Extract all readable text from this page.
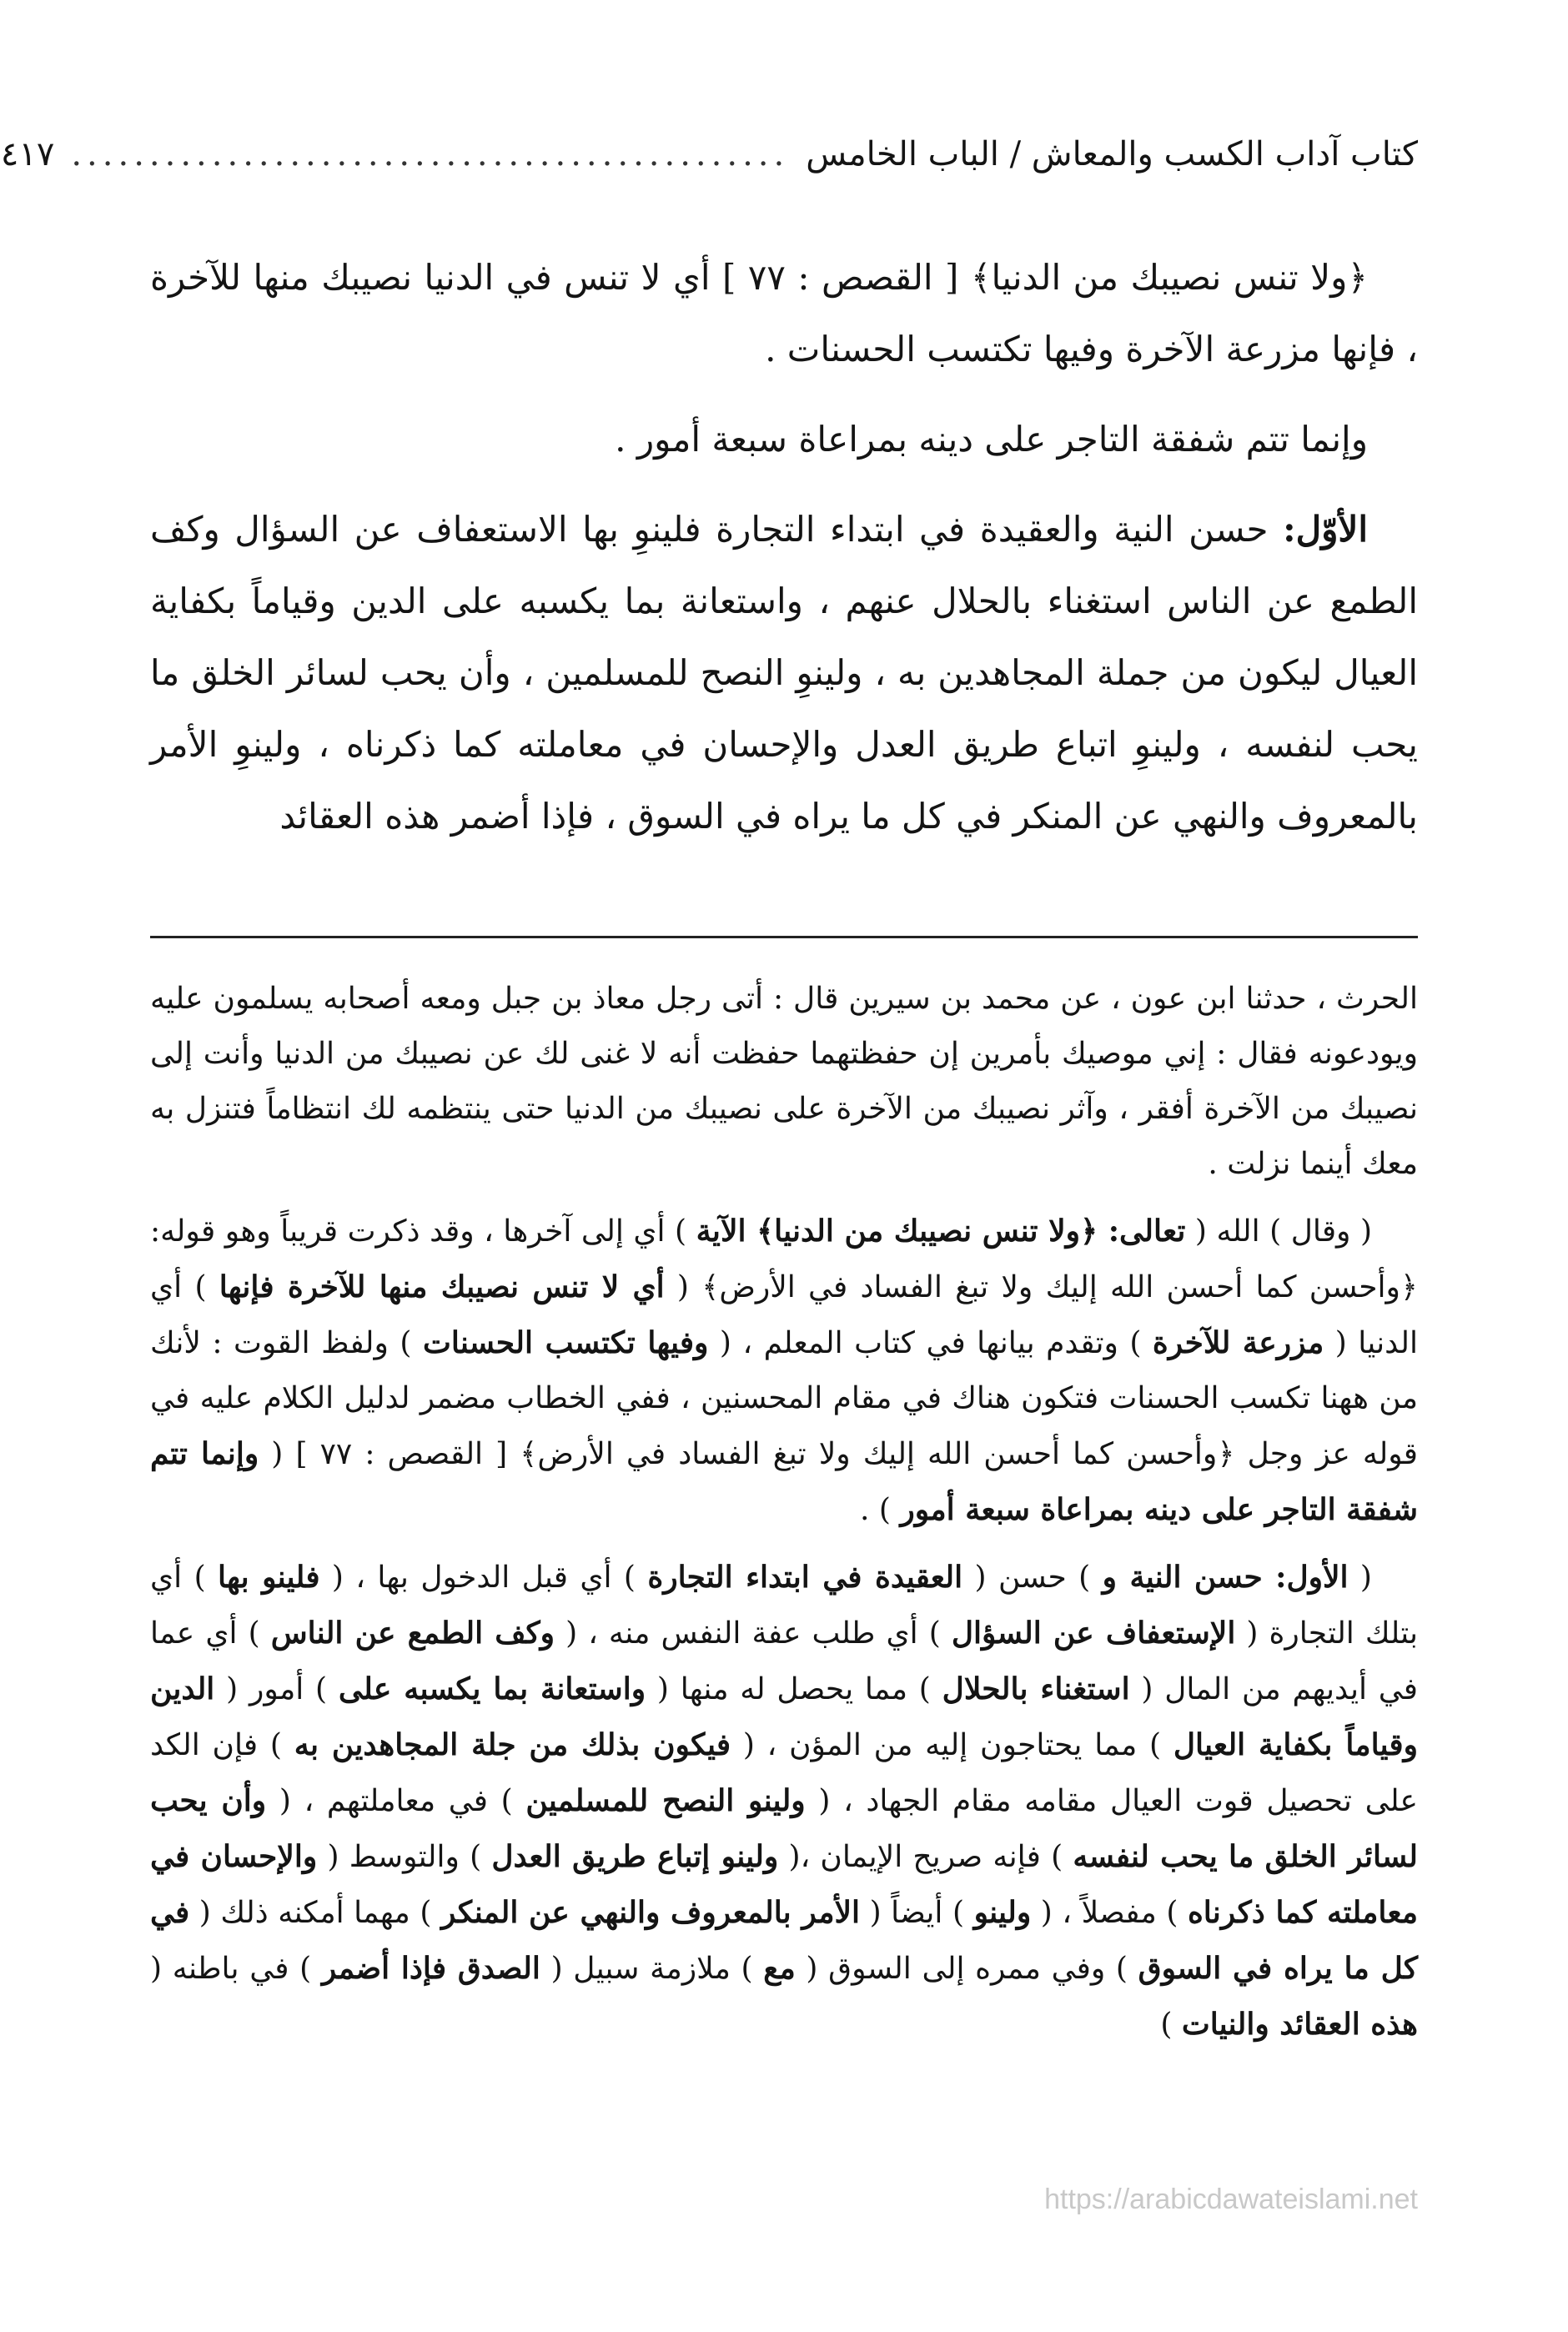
كتاب آداب الكسب والمعاش / الباب الخامس
..............................................
٤١٧

﴿ولا تنس نصيبك من الدنيا﴾ [ القصص : ٧٧ ] أي لا تنس في الدنيا نصيبك منها للآخرة ، فإنها مزرعة الآخرة وفيها تكتسب الحسنات .

وإنما تتم شفقة التاجر على دينه بمراعاة سبعة أمور .

الأوّل: حسن النية والعقيدة في ابتداء التجارة فلينوِ بها الاستعفاف عن السؤال وكف الطمع عن الناس استغناء بالحلال عنهم ، واستعانة بما يكسبه على الدين وقياماً بكفاية العيال ليكون من جملة المجاهدين به ، ولينوِ النصح للمسلمين ، وأن يحب لسائر الخلق ما يحب لنفسه ، ولينوِ اتباع طريق العدل والإحسان في معاملته كما ذكرناه ، ولينوِ الأمر بالمعروف والنهي عن المنكر في كل ما يراه في السوق ، فإذا أضمر هذه العقائد

الحرث ، حدثنا ابن عون ، عن محمد بن سيرين قال : أتى رجل معاذ بن جبل ومعه أصحابه يسلمون عليه ويودعونه فقال : إني موصيك بأمرين إن حفظتهما حفظت أنه لا غنى لك عن نصيبك من الدنيا وأنت إلى نصيبك من الآخرة أفقر ، وآثر نصيبك من الآخرة على نصيبك من الدنيا حتى ينتظمه لك انتظاماً فتنزل به معك أينما نزلت .

( وقال ) الله ( تعالى: ﴿ولا تنس نصيبك من الدنيا﴾ الآية ) أي إلى آخرها ، وقد ذكرت قريباً وهو قوله: ﴿وأحسن كما أحسن الله إليك ولا تبغ الفساد في الأرض﴾ ( أي لا تنس نصيبك منها للآخرة فإنها ) أي الدنيا ( مزرعة للآخرة ) وتقدم بيانها في كتاب المعلم ، ( وفيها تكتسب الحسنات ) ولفظ القوت : لأنك من ههنا تكسب الحسنات فتكون هناك في مقام المحسنين ، ففي الخطاب مضمر لدليل الكلام عليه في قوله عز وجل ﴿وأحسن كما أحسن الله إليك ولا تبغ الفساد في الأرض﴾ [ القصص : ٧٧ ] ( وإنما تتم شفقة التاجر على دينه بمراعاة سبعة أمور ) .

( الأول: حسن النية و ) حسن ( العقيدة في ابتداء التجارة ) أي قبل الدخول بها ، ( فلينو بها ) أي بتلك التجارة ( الإستعفاف عن السؤال ) أي طلب عفة النفس منه ، ( وكف الطمع عن الناس ) أي عما في أيديهم من المال ( استغناء بالحلال ) مما يحصل له منها ( واستعانة بما يكسبه على ) أمور ( الدين وقياماً بكفاية العيال ) مما يحتاجون إليه من المؤن ، ( فيكون بذلك من جلة المجاهدين به ) فإن الكد على تحصيل قوت العيال مقامه مقام الجهاد ، ( ولينو النصح للمسلمين ) في معاملتهم ، ( وأن يحب لسائر الخلق ما يحب لنفسه ) فإنه صريح الإيمان ،( ولينو إتباع طريق العدل ) والتوسط ( والإحسان في معاملته كما ذكرناه ) مفصلاً ، ( ولينو ) أيضاً ( الأمر بالمعروف والنهي عن المنكر ) مهما أمكنه ذلك ( في كل ما يراه في السوق ) وفي ممره إلى السوق ( مع ) ملازمة سبيل ( الصدق فإذا أضمر ) في باطنه ( هذه العقائد والنيات )

https://arabicdawateislami.net
